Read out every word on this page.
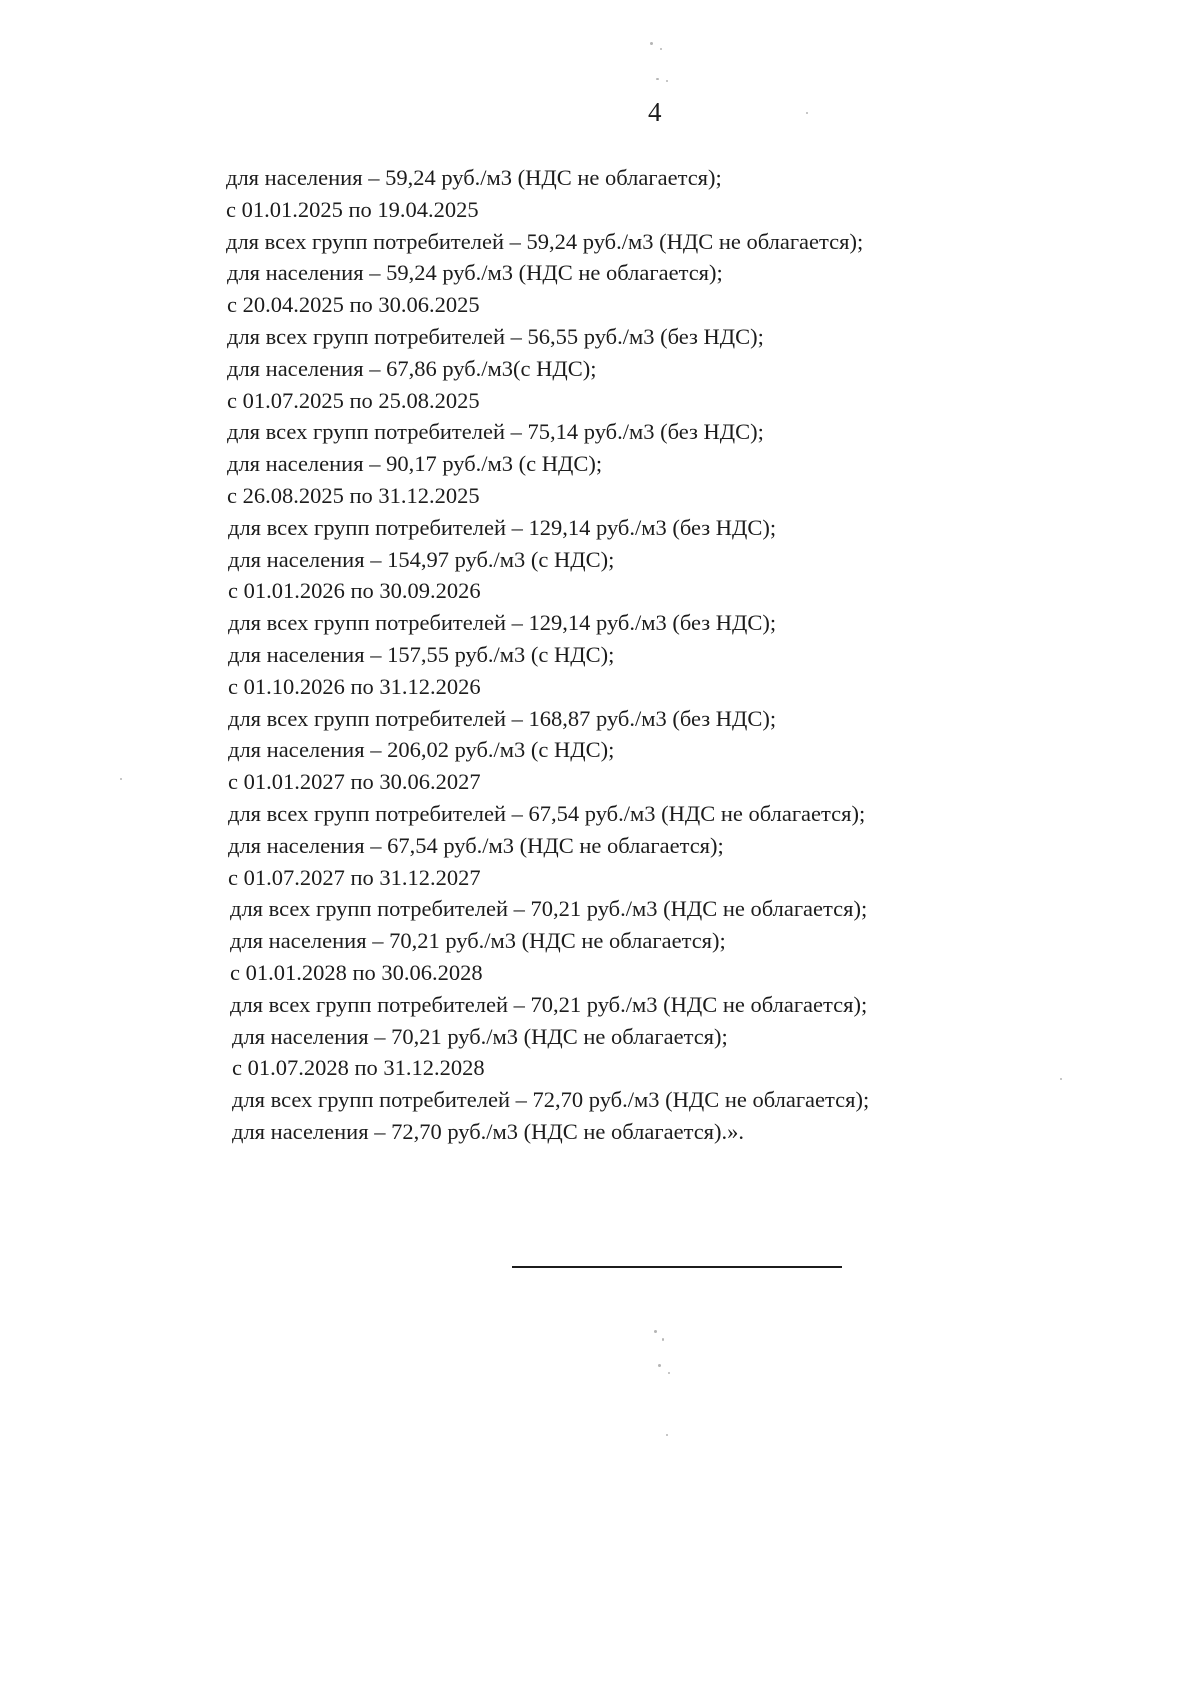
4
для населения – 59,24 руб./м3 (НДС не облагается);
с 01.01.2025 по 19.04.2025
для всех групп потребителей – 59,24 руб./м3 (НДС не облагается);
для населения – 59,24 руб./м3 (НДС не облагается);
с 20.04.2025 по 30.06.2025
для всех групп потребителей – 56,55 руб./м3 (без НДС);
для населения – 67,86 руб./м3(с НДС);
с 01.07.2025 по 25.08.2025
для всех групп потребителей – 75,14 руб./м3 (без НДС);
для населения – 90,17 руб./м3 (с НДС);
с 26.08.2025 по 31.12.2025
для всех групп потребителей – 129,14 руб./м3 (без НДС);
для населения – 154,97 руб./м3 (с НДС);
с 01.01.2026 по 30.09.2026
для всех групп потребителей – 129,14 руб./м3 (без НДС);
для населения – 157,55 руб./м3 (с НДС);
с 01.10.2026 по 31.12.2026
для всех групп потребителей – 168,87 руб./м3 (без НДС);
для населения – 206,02 руб./м3 (с НДС);
с 01.01.2027 по 30.06.2027
для всех групп потребителей – 67,54 руб./м3 (НДС не облагается);
для населения – 67,54 руб./м3 (НДС не облагается);
с 01.07.2027 по 31.12.2027
для всех групп потребителей – 70,21 руб./м3 (НДС не облагается);
для населения – 70,21 руб./м3 (НДС не облагается);
с 01.01.2028 по 30.06.2028
для всех групп потребителей – 70,21 руб./м3 (НДС не облагается);
для населения – 70,21 руб./м3 (НДС не облагается);
с 01.07.2028 по 31.12.2028
для всех групп потребителей – 72,70 руб./м3 (НДС не облагается);
для населения – 72,70 руб./м3 (НДС не облагается).».
